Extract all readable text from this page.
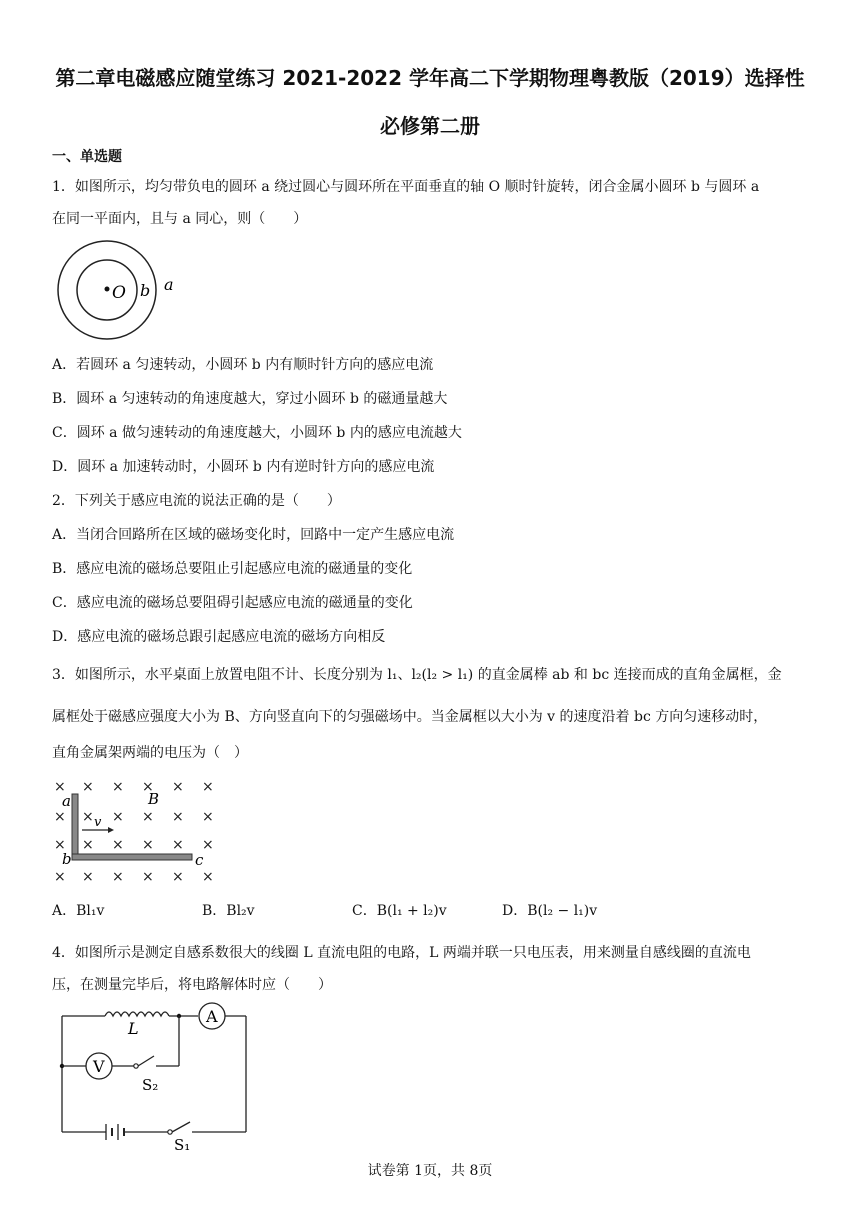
第二章电磁感应随堂练习 2021-2022 学年高二下学期物理粤教版（2019）选择性
必修第二册
一、单选题
1．如图所示，均匀带负电的圆环 a 绕过圆心与圆环所在平面垂直的轴 O 顺时针旋转，闭合金属小圆环 b 与圆环 a
在同一平面内，且与 a 同心，则（　　）
O b a
A．若圆环 a 匀速转动，小圆环 b 内有顺时针方向的感应电流
B．圆环 a 匀速转动的角速度越大，穿过小圆环 b 的磁通量越大
C．圆环 a 做匀速转动的角速度越大，小圆环 b 内的感应电流越大
D．圆环 a 加速转动时，小圆环 b 内有逆时针方向的感应电流
2．下列关于感应电流的说法正确的是（　　）
A．当闭合回路所在区域的磁场变化时，回路中一定产生感应电流
B．感应电流的磁场总要阻止引起感应电流的磁通量的变化
C．感应电流的磁场总要阻碍引起感应电流的磁通量的变化
D．感应电流的磁场总跟引起感应电流的磁场方向相反
3．如图所示，水平桌面上放置电阻不计、长度分别为 l₁、l₂(l₂ > l₁) 的直金属棒 ab 和 bc 连接而成的直角金属框，金
属框处于磁感应强度大小为 B、方向竖直向下的匀强磁场中。当金属框以大小为 v 的速度沿着 bc 方向匀速移动时，
直角金属架两端的电压为（　）
× × × × × ×
× × × × × ×
× × × × × ×
× × × × × ×
a
b	c
B
v
A．Bl₁v	B．Bl₂v	C．B(l₁ + l₂)v	D．B(l₂ − l₁)v
4．如图所示是测定自感系数很大的线圈 L 直流电阻的电路，L 两端并联一只电压表，用来测量自感线圈的直流电
压，在测量完毕后，将电路解体时应（　　）
A
L
V
S₂
S₁
试卷第 1页，共 8页
